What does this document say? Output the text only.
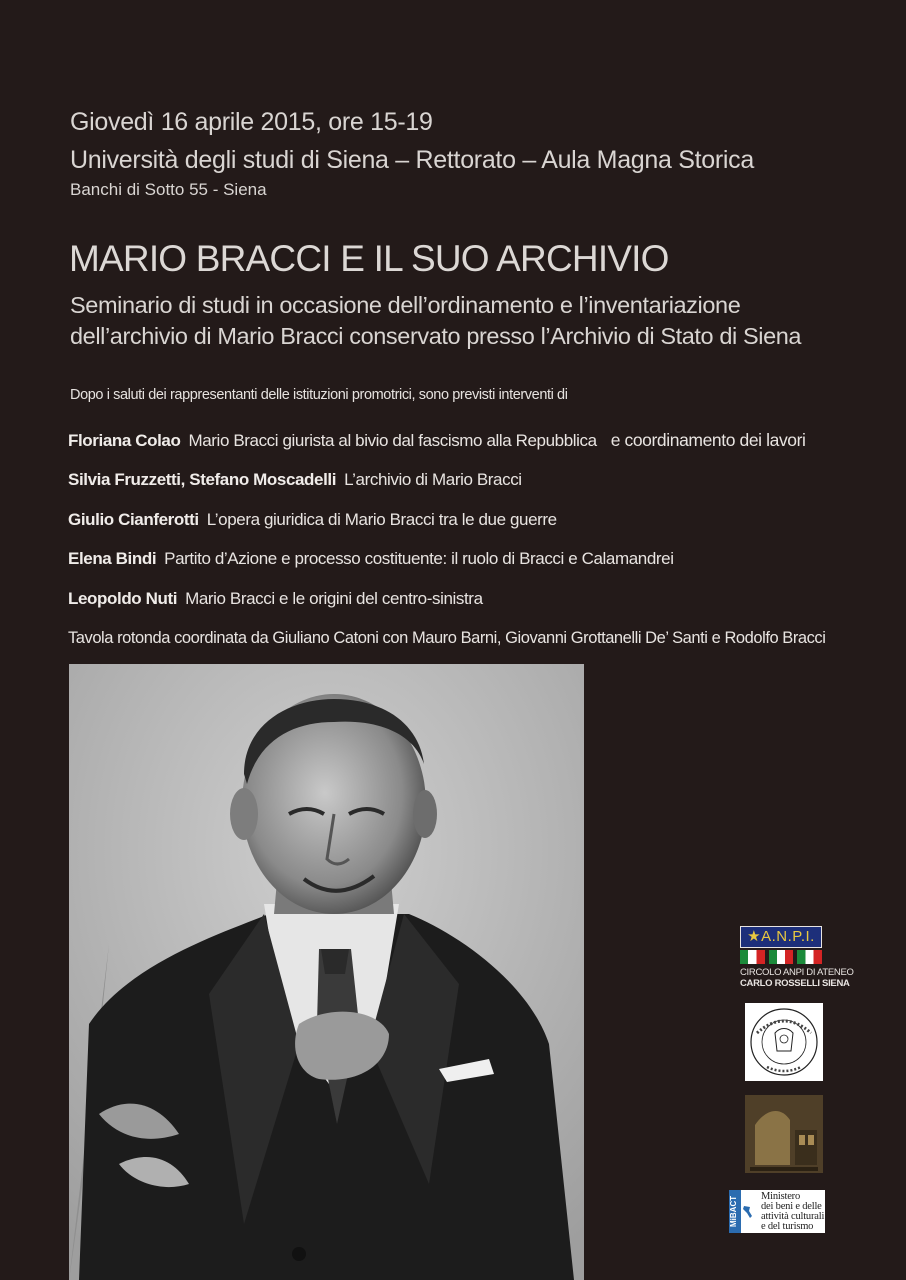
Giovedì 16 aprile 2015, ore 15-19
Università degli studi di Siena – Rettorato – Aula Magna Storica
Banchi di Sotto 55 - Siena
MARIO BRACCI E IL SUO ARCHIVIO
Seminario di studi in occasione dell’ordinamento e l’inventariazione
dell’archivio di Mario Bracci conservato presso l’Archivio di Stato di Siena
Dopo i saluti dei rappresentanti delle istituzioni promotrici, sono previsti interventi di
Floriana Colao Mario Bracci giurista al bivio dal fascismo alla Repubblica e coordinamento dei lavori
Silvia Fruzzetti, Stefano Moscadelli L’archivio di Mario Bracci
Giulio Cianferotti L’opera giuridica di Mario Bracci tra le due guerre
Elena Bindi Partito d’Azione e processo costituente: il ruolo di Bracci e Calamandrei
Leopoldo Nuti Mario Bracci e le origini del centro-sinistra
Tavola rotonda coordinata da Giuliano Catoni con Mauro Barni, Giovanni Grottanelli De’ Santi e Rodolfo Bracci
★A.N.P.I.
CIRCOLO ANPI DI ATENEO
CARLO ROSSELLI SIENA
MiBACT Ministero
dei beni e delle
attività culturali
e del turismo
